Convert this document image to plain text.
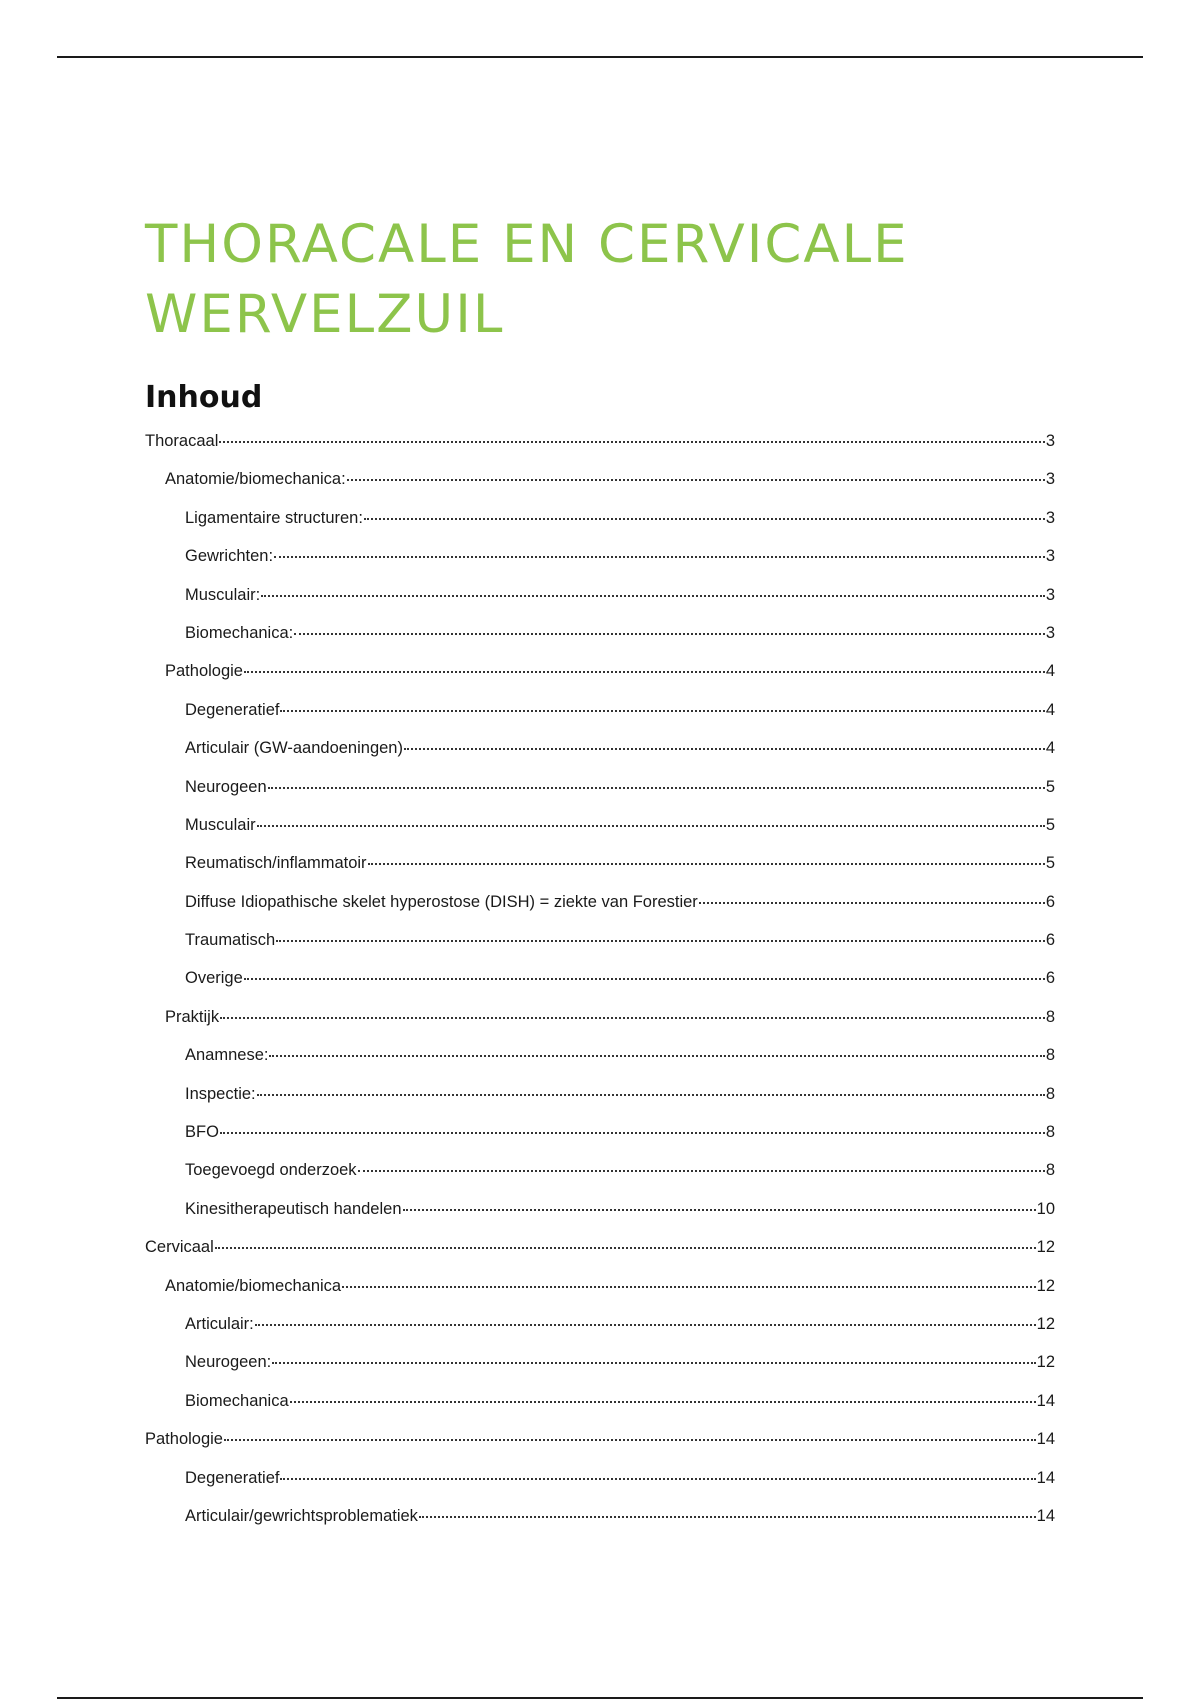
THORACALE EN CERVICALE
WERVELZUIL
Inhoud
Thoracaal	3
Anatomie/biomechanica:	3
Ligamentaire structuren:	3
Gewrichten:	3
Musculair:	3
Biomechanica:	3
Pathologie	4
Degeneratief	4
Articulair (GW-aandoeningen)	4
Neurogeen	5
Musculair	5
Reumatisch/inflammatoir	5
Diffuse Idiopathische skelet hyperostose (DISH) = ziekte van Forestier	6
Traumatisch	6
Overige	6
Praktijk	8
Anamnese:	8
Inspectie:	8
BFO	8
Toegevoegd onderzoek	8
Kinesitherapeutisch handelen	10
Cervicaal	12
Anatomie/biomechanica	12
Articulair:	12
Neurogeen:	12
Biomechanica	14
Pathologie	14
Degeneratief	14
Articulair/gewrichtsproblematiek	14
